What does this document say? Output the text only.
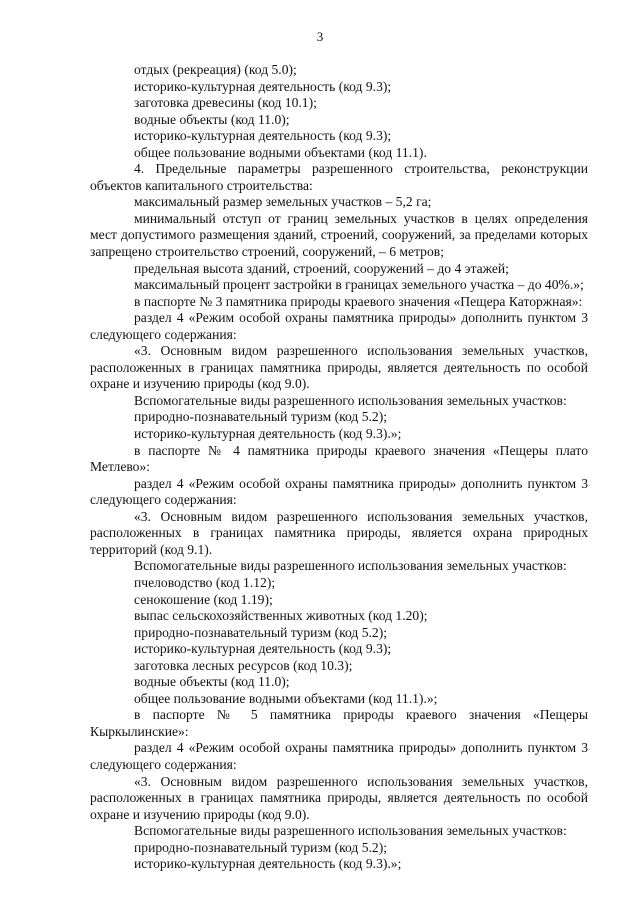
3

отдых (рекреация) (код 5.0);

историко-культурная деятельность (код 9.3);

заготовка древесины (код 10.1);

водные объекты (код 11.0);

историко-культурная деятельность (код 9.3);

общее пользование водными объектами (код 11.1).

4. Предельные параметры разрешенного строительства, реконструкции объектов капитального строительства:

максимальный размер земельных участков – 5,2 га;

минимальный отступ от границ земельных участков в целях определения мест допустимого размещения зданий, строений, сооружений, за пределами которых запрещено строительство строений, сооружений, – 6 метров;

предельная высота зданий, строений, сооружений – до 4 этажей;

максимальный процент застройки в границах земельного участка – до 40%.»;

в паспорте № 3 памятника природы краевого значения «Пещера Каторжная»:

раздел 4 «Режим особой охраны памятника природы» дополнить пунктом 3 следующего содержания:

«3. Основным видом разрешенного использования земельных участков, расположенных в границах памятника природы, является деятельность по особой охране и изучению природы (код 9.0).

Вспомогательные виды разрешенного использования земельных участков:

природно-познавательный туризм (код 5.2);

историко-культурная деятельность (код 9.3).»;

в паспорте № 4 памятника природы краевого значения «Пещеры плато Метлево»:

раздел 4 «Режим особой охраны памятника природы» дополнить пунктом 3 следующего содержания:

«3. Основным видом разрешенного использования земельных участков, расположенных в границах памятника природы, является охрана природных территорий (код 9.1).

Вспомогательные виды разрешенного использования земельных участков:

пчеловодство (код 1.12);

сенокошение (код 1.19);

выпас сельскохозяйственных животных (код 1.20);

природно-познавательный туризм (код 5.2);

историко-культурная деятельность (код 9.3);

заготовка лесных ресурсов (код 10.3);

водные объекты (код 11.0);

общее пользование водными объектами (код 11.1).»;

в паспорте № 5 памятника природы краевого значения «Пещеры Кыркылинские»:

раздел 4 «Режим особой охраны памятника природы» дополнить пунктом 3 следующего содержания:

«3. Основным видом разрешенного использования земельных участков, расположенных в границах памятника природы, является деятельность по особой охране и изучению природы (код 9.0).

Вспомогательные виды разрешенного использования земельных участков:

природно-познавательный туризм (код 5.2);

историко-культурная деятельность (код 9.3).»;
